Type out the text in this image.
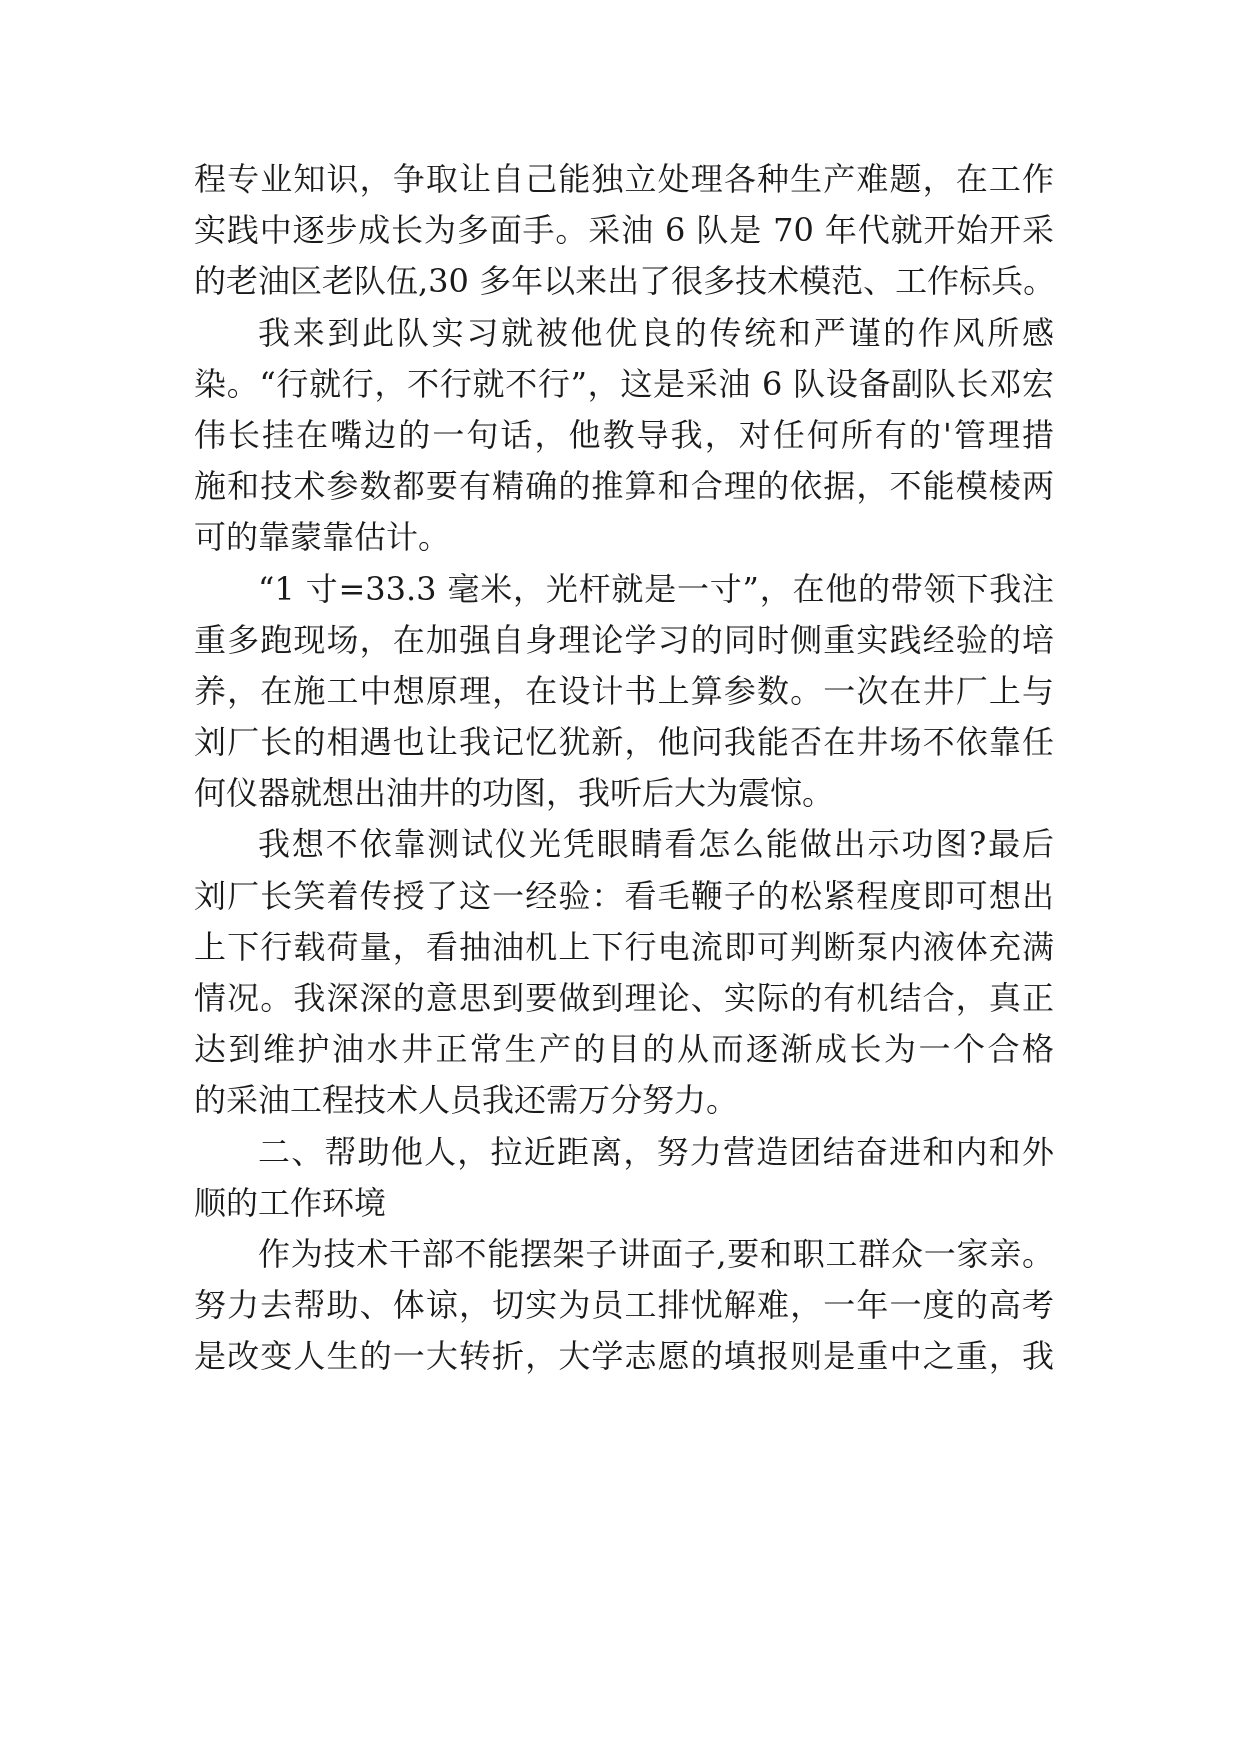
程专业知识，争取让自己能独立处理各种生产难题，在工作
实践中逐步成长为多面手。采油 6 队是 70 年代就开始开采
的老油区老队伍,30 多年以来出了很多技术模范、工作标兵。
我来到此队实习就被他优良的传统和严谨的作风所感
染。“行就行，不行就不行”，这是采油 6 队设备副队长邓宏
伟长挂在嘴边的一句话，他教导我，对任何所有的'管理措
施和技术参数都要有精确的推算和合理的依据，不能模棱两
可的靠蒙靠估计。
“1 寸=33.3 毫米，光杆就是一寸”，在他的带领下我注
重多跑现场，在加强自身理论学习的同时侧重实践经验的培
养，在施工中想原理，在设计书上算参数。一次在井厂上与
刘厂长的相遇也让我记忆犹新，他问我能否在井场不依靠任
何仪器就想出油井的功图，我听后大为震惊。
我想不依靠测试仪光凭眼睛看怎么能做出示功图?最后
刘厂长笑着传授了这一经验：看毛鞭子的松紧程度即可想出
上下行载荷量，看抽油机上下行电流即可判断泵内液体充满
情况。我深深的意思到要做到理论、实际的有机结合，真正
达到维护油水井正常生产的目的从而逐渐成长为一个合格
的采油工程技术人员我还需万分努力。
二、帮助他人，拉近距离，努力营造团结奋进和内和外
顺的工作环境
作为技术干部不能摆架子讲面子,要和职工群众一家亲。
努力去帮助、体谅，切实为员工排忧解难，一年一度的高考
是改变人生的一大转折，大学志愿的填报则是重中之重，我
